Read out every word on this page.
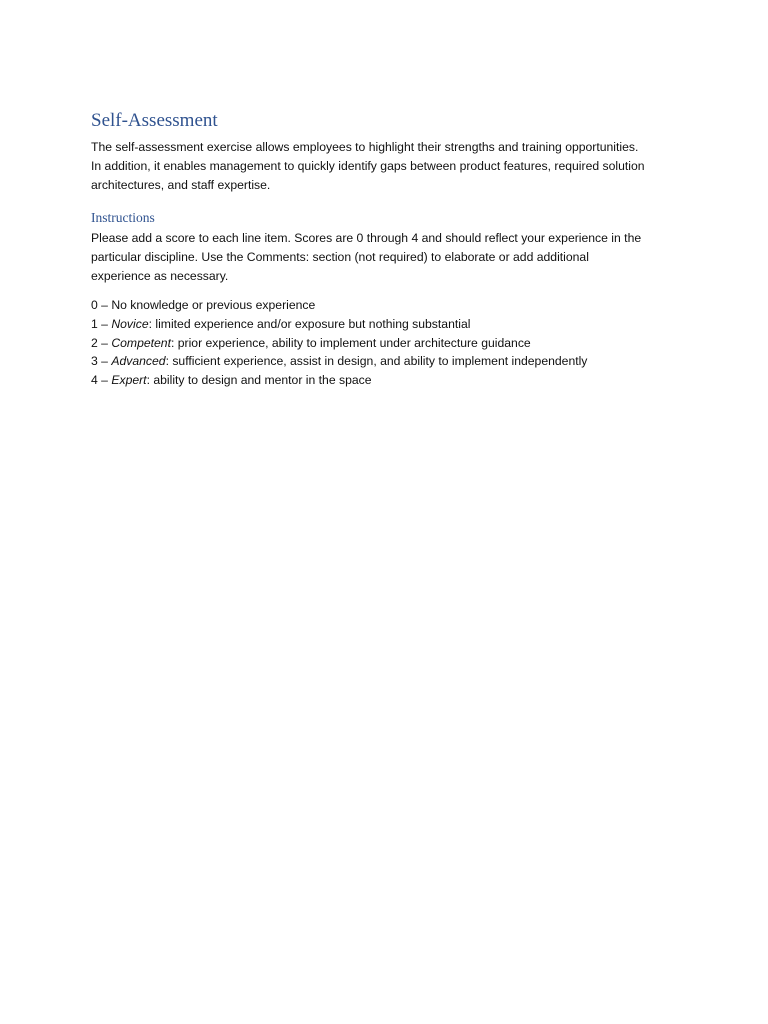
Self-Assessment

The self-assessment exercise allows employees to highlight their strengths and training opportunities.
In addition, it enables management to quickly identify gaps between product features, required solution
architectures, and staff expertise.

Instructions

Please add a score to each line item. Scores are 0 through 4 and should reflect your experience in the
particular discipline. Use the Comments: section (not required) to elaborate or add additional
experience as necessary.

0 – No knowledge or previous experience
1 – Novice: limited experience and/or exposure but nothing substantial
2 – Competent: prior experience, ability to implement under architecture guidance
3 – Advanced: sufficient experience, assist in design, and ability to implement independently
4 – Expert: ability to design and mentor in the space
